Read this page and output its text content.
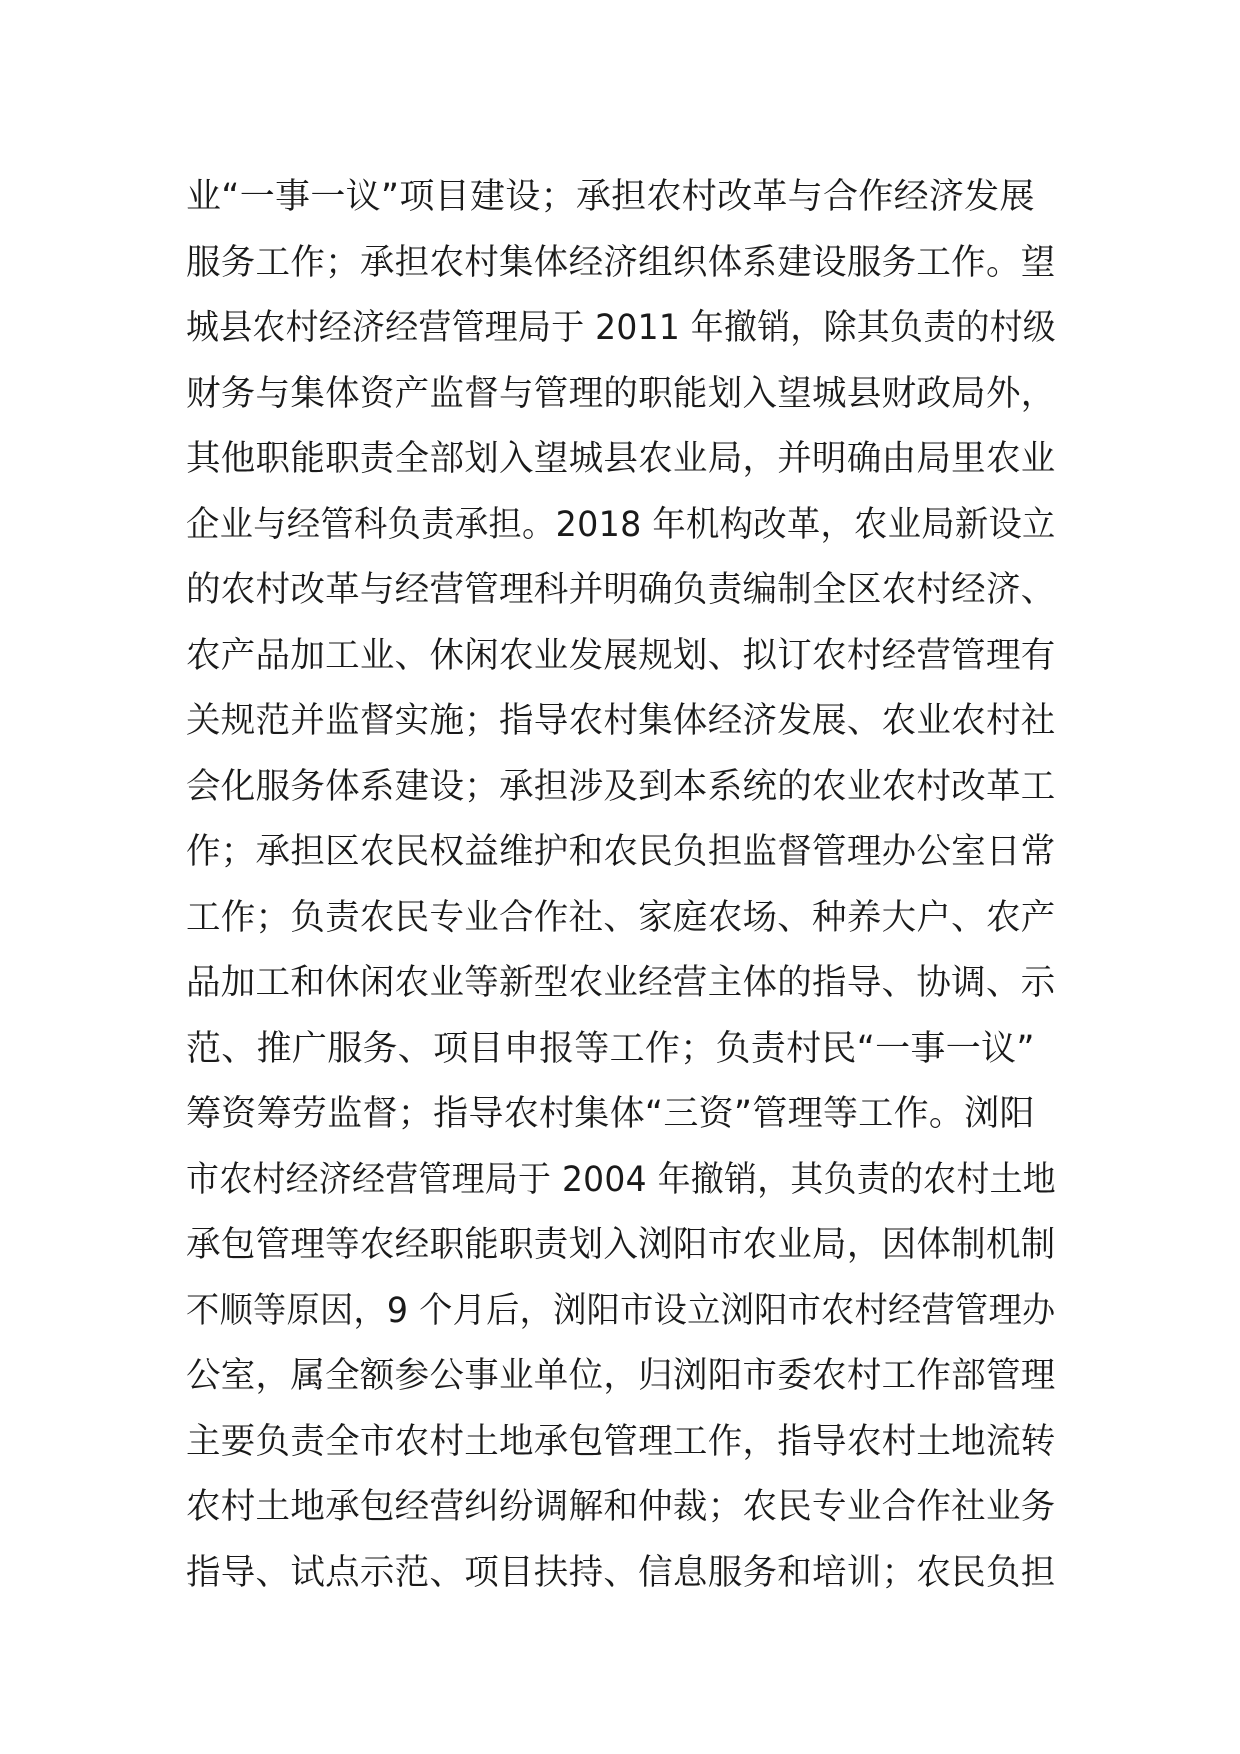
业“一事一议”项目建设；承担农村改革与合作经济发展
服务工作；承担农村集体经济组织体系建设服务工作。望
城县农村经济经营管理局于 2011 年撤销，除其负责的村级
财务与集体资产监督与管理的职能划入望城县财政局外，
其他职能职责全部划入望城县农业局，并明确由局里农业
企业与经管科负责承担。2018 年机构改革，农业局新设立
的农村改革与经营管理科并明确负责编制全区农村经济、
农产品加工业、休闲农业发展规划、拟订农村经营管理有
关规范并监督实施；指导农村集体经济发展、农业农村社
会化服务体系建设；承担涉及到本系统的农业农村改革工
作；承担区农民权益维护和农民负担监督管理办公室日常
工作；负责农民专业合作社、家庭农场、种养大户、农产
品加工和休闲农业等新型农业经营主体的指导、协调、示
范、推广服务、项目申报等工作；负责村民“一事一议”
筹资筹劳监督；指导农村集体“三资”管理等工作。浏阳
市农村经济经营管理局于 2004 年撤销，其负责的农村土地
承包管理等农经职能职责划入浏阳市农业局，因体制机制
不顺等原因，9 个月后，浏阳市设立浏阳市农村经营管理办
公室，属全额参公事业单位，归浏阳市委农村工作部管理
主要负责全市农村土地承包管理工作，指导农村土地流转
农村土地承包经营纠纷调解和仲裁；农民专业合作社业务
指导、试点示范、项目扶持、信息服务和培训；农民负担
